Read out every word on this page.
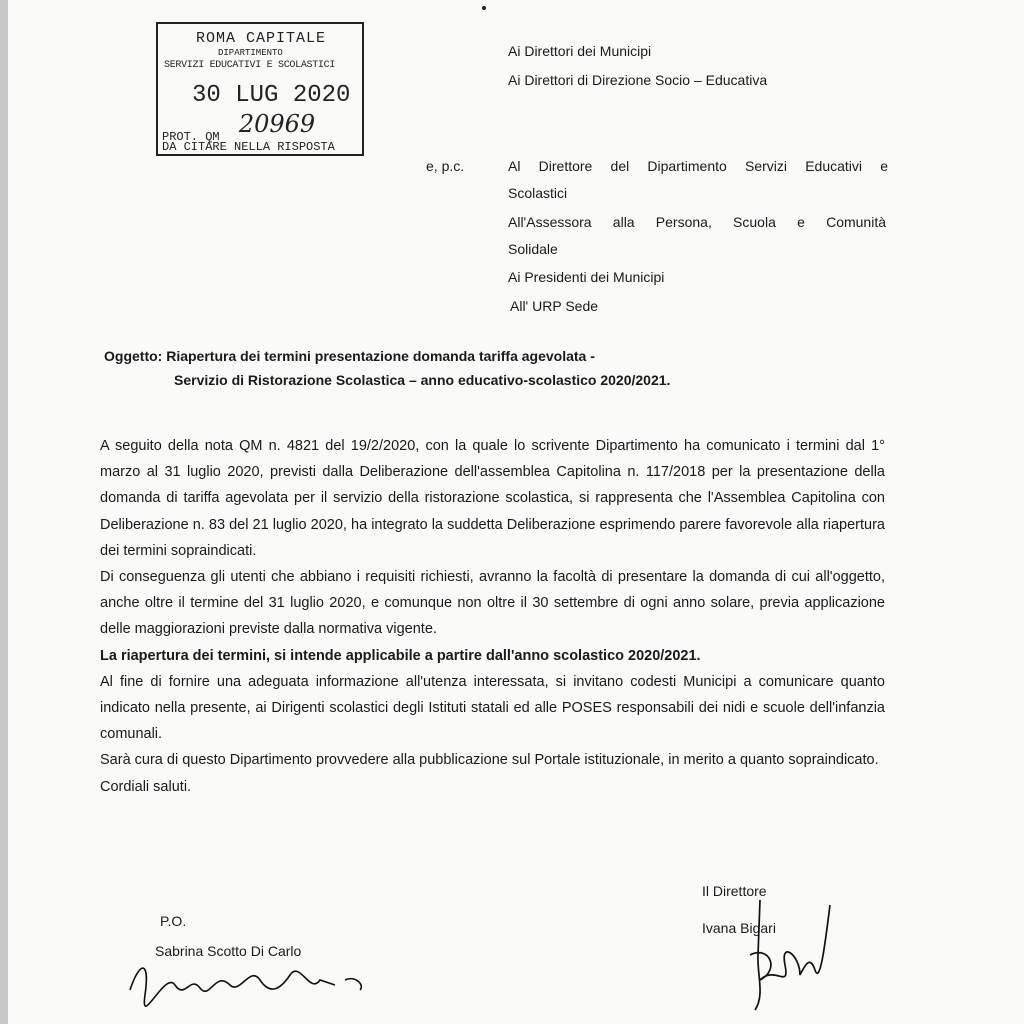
ROMA CAPITALE
DIPARTIMENTO
SERVIZI EDUCATIVI E SCOLASTICI
30 LUG 2020
PROT. QM 20969
DA CITARE NELLA RISPOSTA
Ai Direttori dei Municipi
Ai Direttori di Direzione Socio – Educativa
e, p.c.	Al Direttore del Dipartimento Servizi Educativi e
Scolastici
All'Assessora alla Persona, Scuola e Comunità
Solidale
Ai Presidenti dei Municipi
All' URP Sede
Oggetto: Riapertura dei termini presentazione domanda tariffa agevolata -
Servizio di Ristorazione Scolastica – anno educativo-scolastico 2020/2021.

A seguito della nota QM n. 4821 del 19/2/2020, con la quale lo scrivente Dipartimento ha comunicato i termini dal 1° marzo al 31 luglio 2020, previsti dalla Deliberazione dell'assemblea Capitolina n. 117/2018 per la presentazione della domanda di tariffa agevolata per il servizio della ristorazione scolastica, si rappresenta che l'Assemblea Capitolina con Deliberazione n. 83 del 21 luglio 2020, ha integrato la suddetta Deliberazione esprimendo parere favorevole alla riapertura dei termini sopraindicati.

Di conseguenza gli utenti che abbiano i requisiti richiesti, avranno la facoltà di presentare la domanda di cui all'oggetto, anche oltre il termine del 31 luglio 2020, e comunque non oltre il 30 settembre di ogni anno solare, previa applicazione delle maggiorazioni previste dalla normativa vigente.

La riapertura dei termini, si intende applicabile a partire dall'anno scolastico 2020/2021.

Al fine di fornire una adeguata informazione all'utenza interessata, si invitano codesti Municipi a comunicare quanto indicato nella presente, ai Dirigenti scolastici degli Istituti statali ed alle POSES responsabili dei nidi e scuole dell'infanzia comunali.

Sarà cura di questo Dipartimento provvedere alla pubblicazione sul Portale istituzionale, in merito a quanto sopraindicato.

Cordiali saluti.

Il Direttore
Ivana Bigari
P.O.
Sabrina Scotto Di Carlo
